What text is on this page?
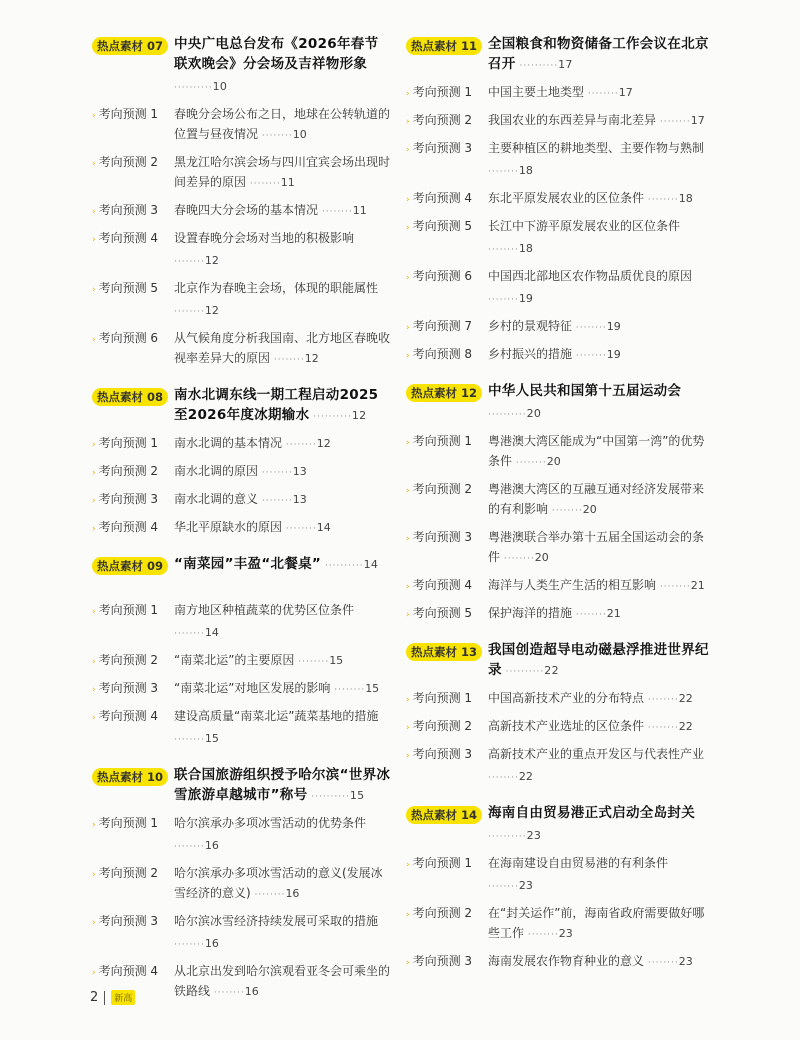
热点素材 07 中央广电总台发布《2026年春节联欢晚会》分会场及吉祥物形象 ··········10
› 考向预测 1 春晚分会场公布之日，地球在公转轨道的位置与昼夜情况 ········10
› 考向预测 2 黑龙江哈尔滨会场与四川宜宾会场出现时间差异的原因 ········11
› 考向预测 3 春晚四大分会场的基本情况 ········11
› 考向预测 4 设置春晚分会场对当地的积极影响 ········12
› 考向预测 5 北京作为春晚主会场，体现的职能属性 ········12
› 考向预测 6 从气候角度分析我国南、北方地区春晚收视率差异大的原因 ········12
热点素材 08 南水北调东线一期工程启动2025至2026年度冰期输水 ··········12
› 考向预测 1 南水北调的基本情况 ········12
› 考向预测 2 南水北调的原因 ········13
› 考向预测 3 南水北调的意义 ········13
› 考向预测 4 华北平原缺水的原因 ········14
热点素材 09 “南菜园”丰盈“北餐桌” ··········14
› 考向预测 1 南方地区种植蔬菜的优势区位条件 ········14
› 考向预测 2 “南菜北运”的主要原因 ········15
› 考向预测 3 “南菜北运”对地区发展的影响 ········15
› 考向预测 4 建设高质量“南菜北运”蔬菜基地的措施 ········15
热点素材 10 联合国旅游组织授予哈尔滨“世界冰雪旅游卓越城市”称号 ··········15
› 考向预测 1 哈尔滨承办多项冰雪活动的优势条件 ········16
› 考向预测 2 哈尔滨承办多项冰雪活动的意义(发展冰雪经济的意义) ········16
› 考向预测 3 哈尔滨冰雪经济持续发展可采取的措施 ········16
› 考向预测 4 从北京出发到哈尔滨观看亚冬会可乘坐的铁路线 ········16
热点素材 11 全国粮食和物资储备工作会议在北京召开 ··········17
› 考向预测 1 中国主要土地类型 ········17
› 考向预测 2 我国农业的东西差异与南北差异 ········17
› 考向预测 3 主要种植区的耕地类型、主要作物与熟制 ········18
› 考向预测 4 东北平原发展农业的区位条件 ········18
› 考向预测 5 长江中下游平原发展农业的区位条件 ········18
› 考向预测 6 中国西北部地区农作物品质优良的原因 ········19
› 考向预测 7 乡村的景观特征 ········19
› 考向预测 8 乡村振兴的措施 ········19
热点素材 12 中华人民共和国第十五届运动会 ··········20
› 考向预测 1 粤港澳大湾区能成为“中国第一湾”的优势条件 ········20
› 考向预测 2 粤港澳大湾区的互融互通对经济发展带来的有利影响 ········20
› 考向预测 3 粤港澳联合举办第十五届全国运动会的条件 ········20
› 考向预测 4 海洋与人类生产生活的相互影响 ········21
› 考向预测 5 保护海洋的措施 ········21
热点素材 13 我国创造超导电动磁悬浮推进世界纪录 ··········22
› 考向预测 1 中国高新技术产业的分布特点 ········22
› 考向预测 2 高新技术产业选址的区位条件 ········22
› 考向预测 3 高新技术产业的重点开发区与代表性产业 ········22
热点素材 14 海南自由贸易港正式启动全岛封关 ··········23
› 考向预测 1 在海南建设自由贸易港的有利条件 ········23
› 考向预测 2 在“封关运作”前，海南省政府需要做好哪些工作 ········23
› 考向预测 3 海南发展农作物育种业的意义 ········23
2	新高
